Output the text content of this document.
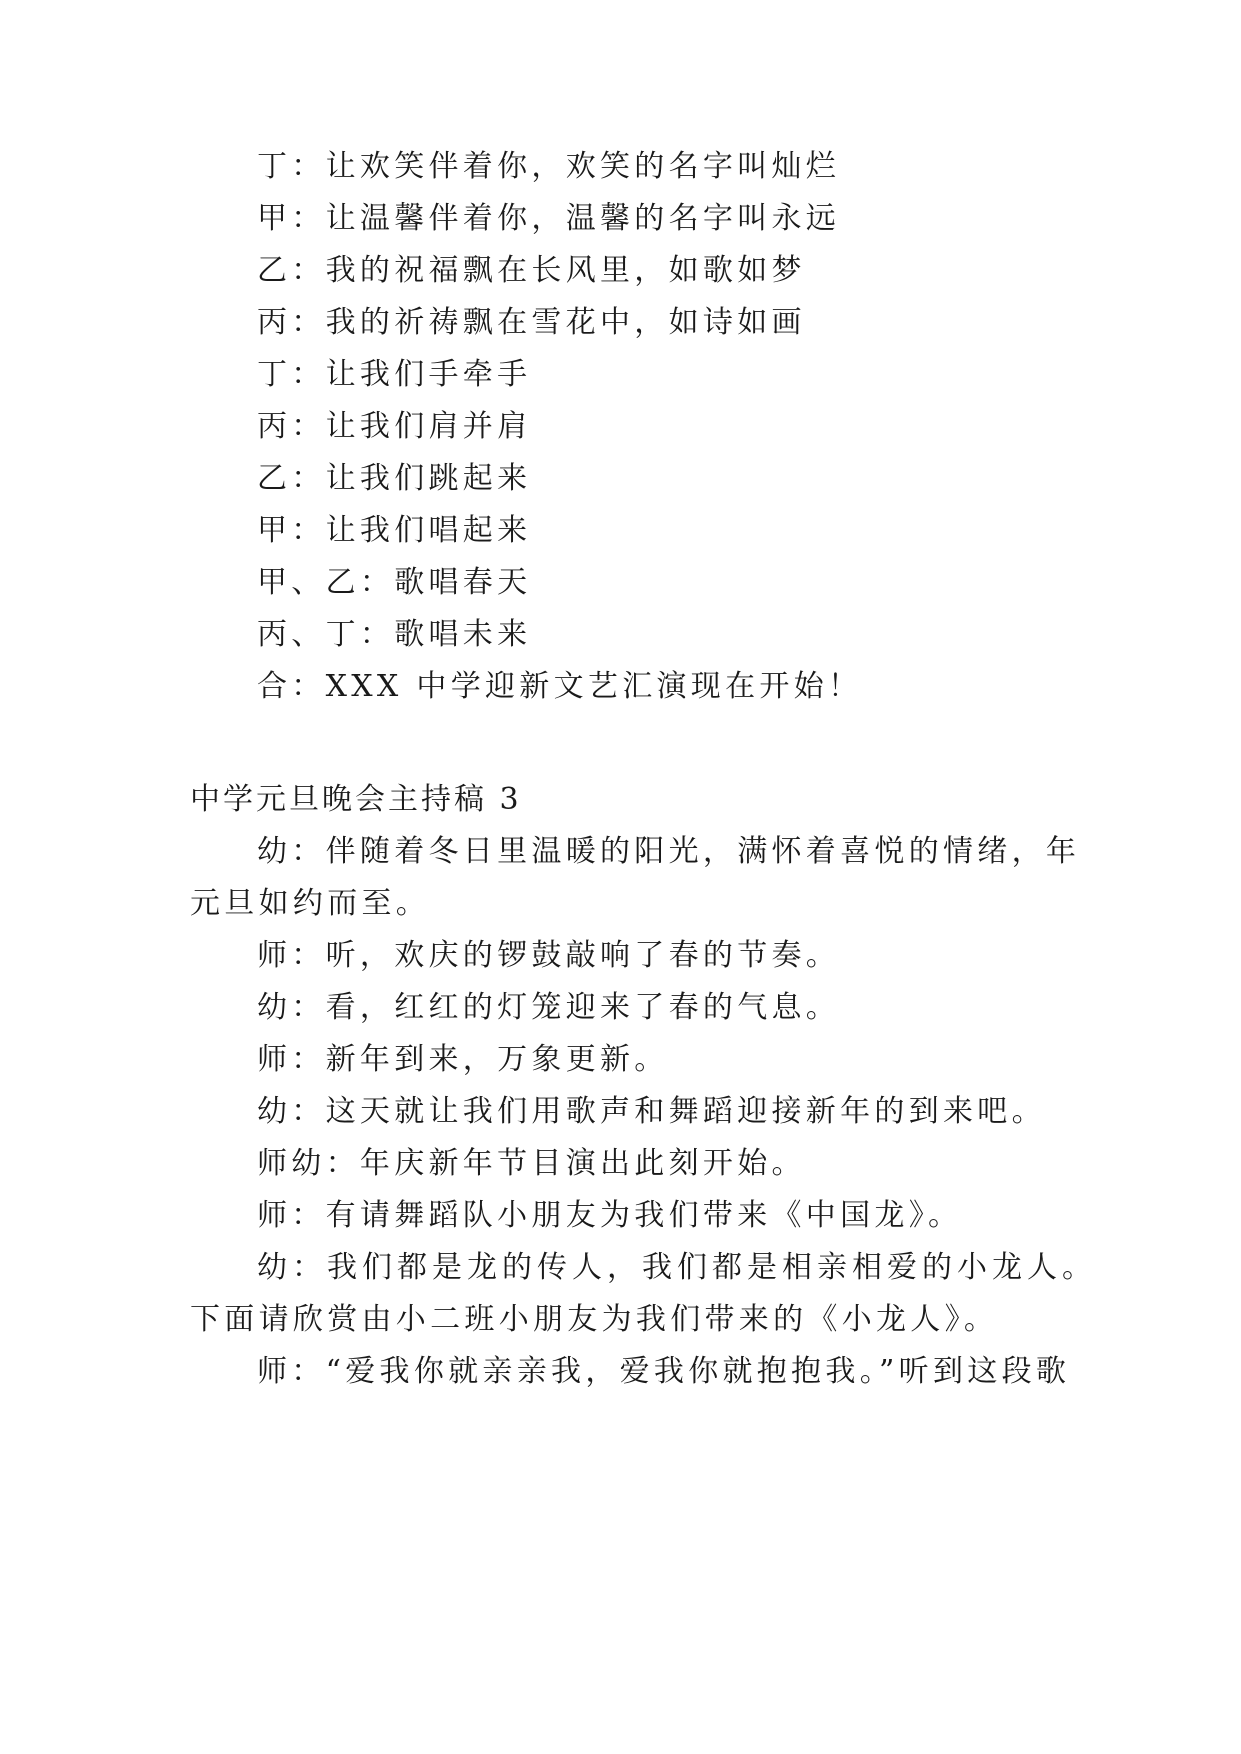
丁：让欢笑伴着你，欢笑的名字叫灿烂
甲：让温馨伴着你，温馨的名字叫永远
乙：我的祝福飘在长风里，如歌如梦
丙：我的祈祷飘在雪花中，如诗如画
丁：让我们手牵手
丙：让我们肩并肩
乙：让我们跳起来
甲：让我们唱起来
甲、乙：歌唱春天
丙、丁：歌唱未来
合：XXX 中学迎新文艺汇演现在开始！
中学元旦晚会主持稿 3
幼：伴随着冬日里温暖的阳光，满怀着喜悦的情绪，年
元旦如约而至。
师：听，欢庆的锣鼓敲响了春的节奏。
幼：看，红红的灯笼迎来了春的气息。
师：新年到来，万象更新。
幼：这天就让我们用歌声和舞蹈迎接新年的到来吧。
师幼：年庆新年节目演出此刻开始。
师：有请舞蹈队小朋友为我们带来《中国龙》。
幼：我们都是龙的传人，我们都是相亲相爱的小龙人。
下面请欣赏由小二班小朋友为我们带来的《小龙人》。
师：“爱我你就亲亲我，爱我你就抱抱我。”听到这段歌
